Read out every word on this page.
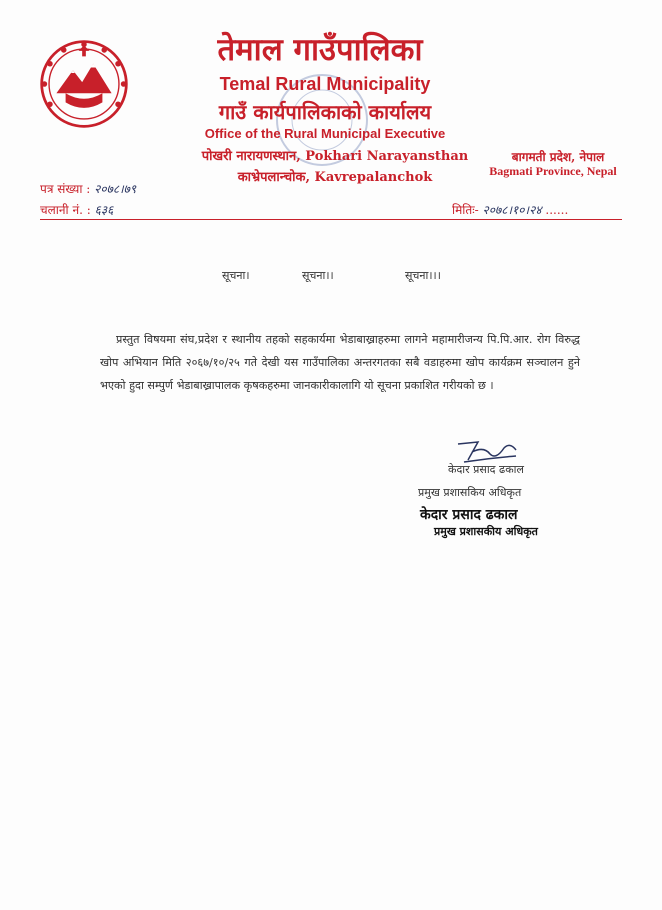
तेमाल गाउँपालिका
Temal Rural Municipality
गाउँ कार्यपालिकाको कार्यालय
Office of the Rural Municipal Executive
पोखरी नारायणस्थान, Pokhari Narayansthan
काभ्रेपलान्चोक, Kavrepalanchok
बागमती प्रदेश, नेपाल
Bagmati Province, Nepal
पत्र संख्या : २०७८।७९
चलानी नं. : ६३६	मितिः- २०७८।१०।२४ ......
सूचना।	सूचना।।	सूचना।।।
प्रस्तुत विषयमा संघ,प्रदेश र स्थानीय तहको सहकार्यमा भेडाबाख्राहरुमा लागने महामारीजन्य पि.पि.आर. रोग विरुद्ध खोप अभियान मिति २०६७/१०/२५ गते देखी यस गाउँपालिका अन्तरगतका सबै वडाहरुमा खोप कार्यक्रम सञ्चालन हुने भएको हुदा सम्पुर्ण भेडाबाख्रापालक कृषकहरुमा जानकारीकालागि यो सूचना प्रकाशित गरीयको छ ।
केदार प्रसाद ढकाल
प्रमुख प्रशासकिय अधिकृत
केदार प्रसाद ढकाल
प्रमुख प्रशासकीय अधिकृत
